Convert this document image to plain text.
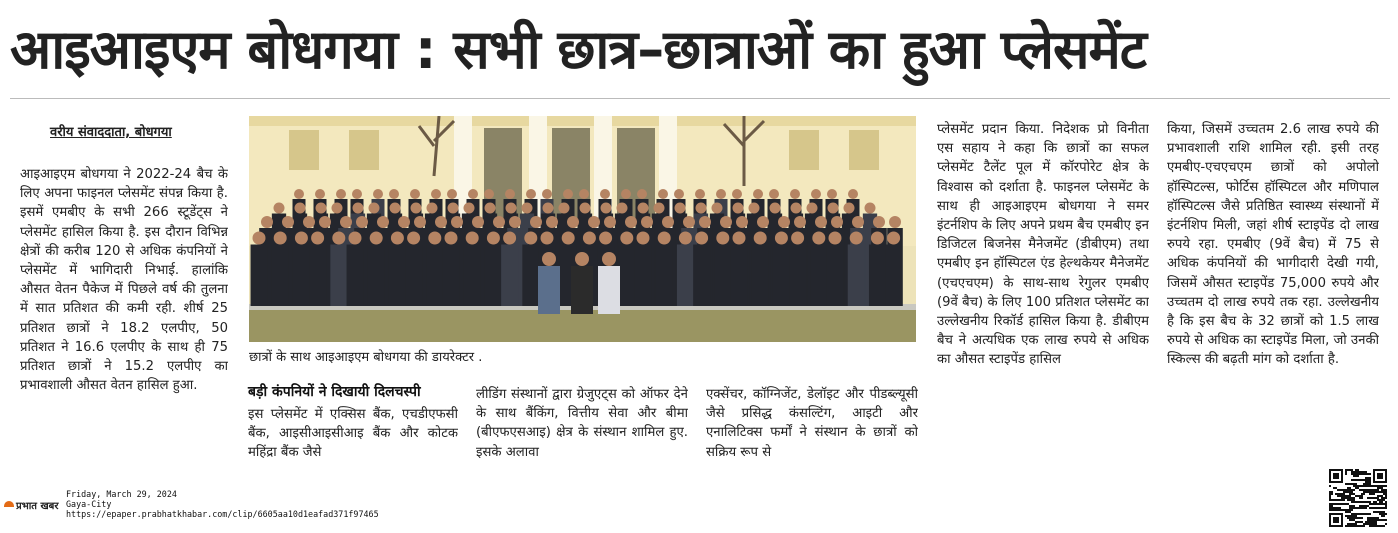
आइआइएम बोधगया : सभी छात्र–छात्राओं का हुआ प्लेसमेंट
वरीय संवाददाता, बोधगया
आइआइएम बोधगया ने 2022-24 बैच के लिए अपना फाइनल प्लेसमेंट संपन्न किया है. इसमें एमबीए के सभी 266 स्टूडेंट्स ने प्लेसमेंट हासिल किया है. इस दौरान विभिन्न क्षेत्रों की करीब 120 से अधिक कंपनियों ने प्लेसमेंट में भागिदारी निभाई. हालांकि औसत वेतन पैकेज में पिछले वर्ष की तुलना में सात प्रतिशत की कमी रही. शीर्ष 25 प्रतिशत छात्रों ने 18.2 एलपीए, 50 प्रतिशत ने 16.6 एलपीए के साथ ही 75 प्रतिशत छात्रों ने 15.2 एलपीए का प्रभावशाली औसत वेतन हासिल हुआ.
छात्रों के साथ आइआइएम बोधगया की डायरेक्टर .
बड़ी कंपनियों ने दिखायी दिलचस्पी
इस प्लेसमेंट में एक्सिस बैंक, एचडीएफसी बैंक, आइसीआइसीआइ बैंक और कोटक महिंद्रा बैंक जैसे
लीडिंग संस्थानों द्वारा ग्रेजुएट्स को ऑफर देने के साथ बैंकिंग, वित्तीय सेवा और बीमा (बीएफएसआइ) क्षेत्र के संस्थान शामिल हुए. इसके अलावा
एक्सेंचर, कॉग्निजेंट, डेलॉइट और पीडब्ल्यूसी जैसे प्रसिद्ध कंसल्टिंग, आइटी और एनालिटिक्स फर्मों ने संस्थान के छात्रों को सक्रिय रूप से
प्लेसमेंट प्रदान किया. निदेशक प्रो विनीता एस सहाय ने कहा कि छात्रों का सफल प्लेसमेंट टैलेंट पूल में कॉरपोरेट क्षेत्र के विश्वास को दर्शाता है. फाइनल प्लेसमेंट के साथ ही आइआइएम बोधगया ने समर इंटर्नशिप के लिए अपने प्रथम बैच एमबीए इन डिजिटल बिजनेस मैनेजमेंट (डीबीएम) तथा एमबीए इन हॉस्पिटल एंड हेल्थकेयर मैनेजमेंट (एचएचएम) के साथ-साथ रेगुलर एमबीए (9वें बैच) के लिए 100 प्रतिशत प्लेसमेंट का उल्लेखनीय रिकॉर्ड हासिल किया है. डीबीएम बैच ने अत्यधिक एक लाख रुपये से अधिक का औसत स्टाइपेंड हासिल
किया, जिसमें उच्चतम 2.6 लाख रुपये की प्रभावशाली राशि शामिल रही. इसी तरह एमबीए-एचएचएम छात्रों को अपोलो हॉस्पिटल्स, फोर्टिस हॉस्पिटल और मणिपाल हॉस्पिटल्स जैसे प्रतिष्ठित स्वास्थ्य संस्थानों में इंटर्नशिप मिली, जहां शीर्ष स्टाइपेंड दो लाख रुपये रहा. एमबीए (9वें बैच) में 75 से अधिक कंपनियों की भागीदारी देखी गयी, जिसमें औसत स्टाइपेंड 75,000 रुपये और उच्चतम दो लाख रुपये तक रहा. उल्लेखनीय है कि इस बैच के 32 छात्रों को 1.5 लाख रुपये से अधिक का स्टाइपेंड मिला, जो उनकी स्किल्स की बढ़ती मांग को दर्शाता है.
प्रभात खबर
Friday, March 29, 2024
Gaya-City
https://epaper.prabhatkhabar.com/clip/6605aa10d1eafad371f97465
